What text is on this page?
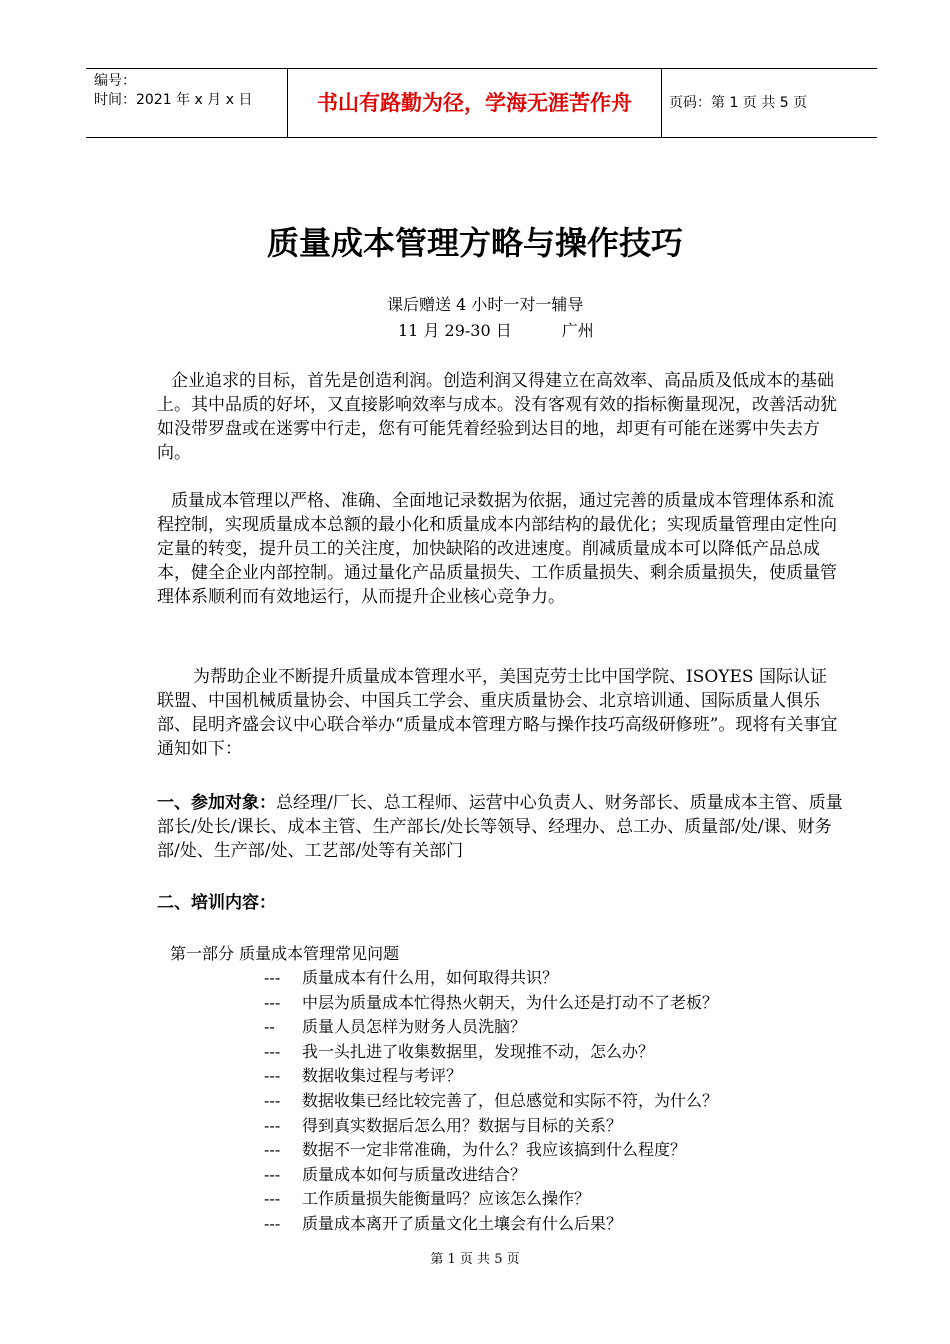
编号：
时间：2021 年 x 月 x 日	书山有路勤为径，学海无涯苦作舟	页码：第 1 页 共 5 页
质量成本管理方略与操作技巧
课后赠送 4 小时一对一辅导
11 月 29-30 日	广州
企业追求的目标，首先是创造利润。创造利润又得建立在高效率、高品质及低成本的基础上。其中品质的好坏，又直接影响效率与成本。没有客观有效的指标衡量现况，改善活动犹如没带罗盘或在迷雾中行走，您有可能凭着经验到达目的地，却更有可能在迷雾中失去方向。
质量成本管理以严格、准确、全面地记录数据为依据，通过完善的质量成本管理体系和流程控制，实现质量成本总额的最小化和质量成本内部结构的最优化；实现质量管理由定性向定量的转变，提升员工的关注度，加快缺陷的改进速度。削减质量成本可以降低产品总成本，健全企业内部控制。通过量化产品质量损失、工作质量损失、剩余质量损失，使质量管理体系顺利而有效地运行，从而提升企业核心竞争力。
为帮助企业不断提升质量成本管理水平，美国克劳士比中国学院、ISOYES 国际认证联盟、中国机械质量协会、中国兵工学会、重庆质量协会、北京培训通、国际质量人俱乐部、昆明齐盛会议中心联合举办“质量成本管理方略与操作技巧高级研修班”。现将有关事宜通知如下：
一、参加对象：总经理/厂长、总工程师、运营中心负责人、财务部长、质量成本主管、质量部长/处长/课长、成本主管、生产部长/处长等领导、经理办、总工办、质量部/处/课、财务部/处、生产部/处、工艺部/处等有关部门
二、培训内容：
第一部分 质量成本管理常见问题
--- 质量成本有什么用，如何取得共识？
--- 中层为质量成本忙得热火朝天，为什么还是打动不了老板？
-- 质量人员怎样为财务人员洗脑？
--- 我一头扎进了收集数据里，发现推不动，怎么办？
--- 数据收集过程与考评？
--- 数据收集已经比较完善了，但总感觉和实际不符，为什么？
--- 得到真实数据后怎么用？数据与目标的关系？
--- 数据不一定非常准确，为什么？我应该搞到什么程度？
--- 质量成本如何与质量改进结合？
--- 工作质量损失能衡量吗？应该怎么操作？
--- 质量成本离开了质量文化土壤会有什么后果？
第 1 页 共 5 页
